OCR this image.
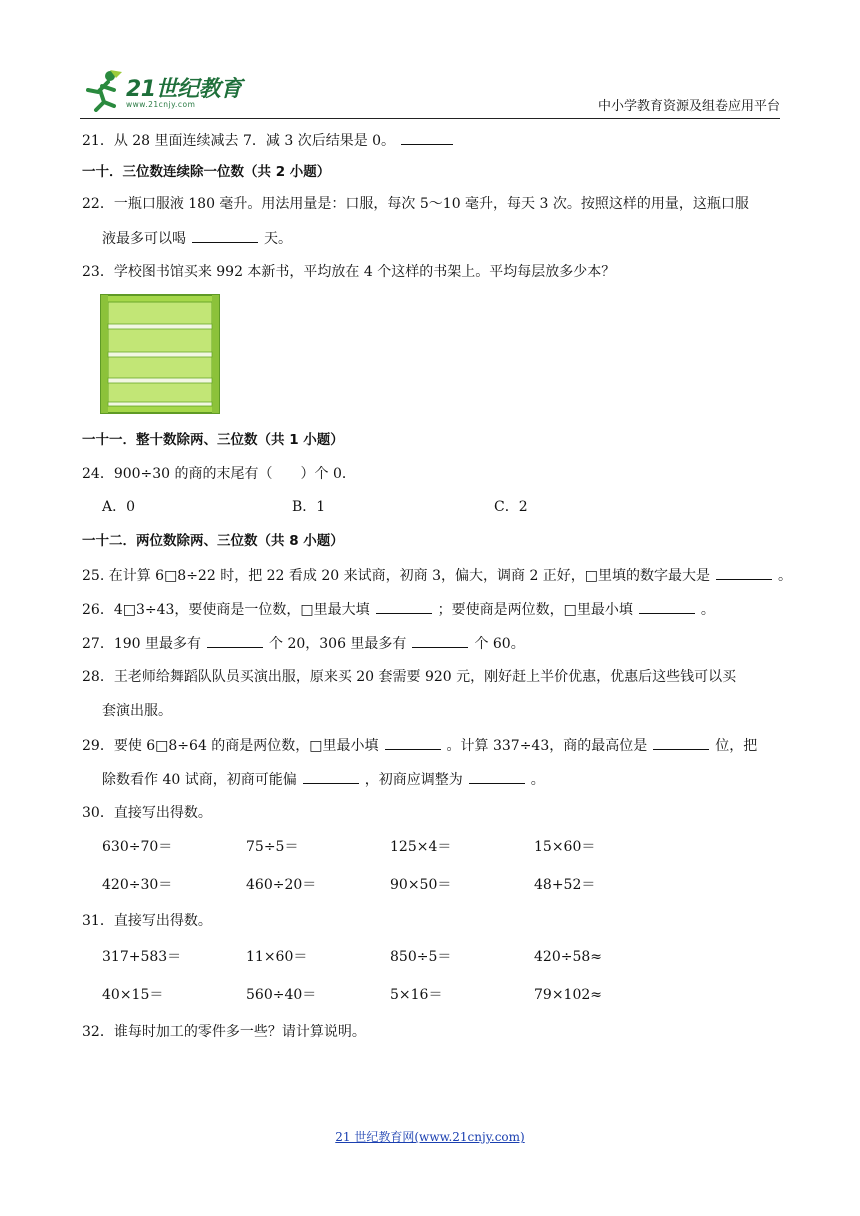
21世纪教育
www.21cnjy.com	中小学教育资源及组卷应用平台
21．从 28 里面连续减去 7．减 3 次后结果是 0。
一十．三位数连续除一位数（共 2 小题）
22．一瓶口服液 180 毫升。用法用量是：口服，每次 5～10 毫升，每天 3 次。按照这样的用量，这瓶口服
液最多可以喝	天。
23．学校图书馆买来 992 本新书，平均放在 4 个这样的书架上。平均每层放多少本？
一十一．整十数除两、三位数（共 1 小题）
24．900÷30 的商的末尾有（　　）个 0．
A．0	B．1	C．2
一十二．两位数除两、三位数（共 8 小题）
25. 在计算 6□8÷22 时，把 22 看成 20 来试商，初商 3，偏大，调商 2 正好，□里填的数字最大是	。
26．4□3÷43，要使商是一位数，□里最大填	；要使商是两位数，□里最小填	。
27．190 里最多有	个 20，306 里最多有	个 60。
28．王老师给舞蹈队队员买演出服，原来买 20 套需要 920 元，刚好赶上半价优惠，优惠后这些钱可以买
套演出服。
29．要使 6□8÷64 的商是两位数，□里最小填	。计算 337÷43，商的最高位是	位，把
除数看作 40 试商，初商可能偏	，初商应调整为	。
30．直接写出得数。
630÷70＝	75÷5＝	125×4＝	15×60＝
420÷30＝	460÷20＝	90×50＝	48+52＝
31．直接写出得数。
317+583＝	11×60＝	850÷5＝	420÷58≈
40×15＝	560÷40＝	5×16＝	79×102≈
32．谁每时加工的零件多一些？请计算说明。
21 世纪教育网(www.21cnjy.com)
